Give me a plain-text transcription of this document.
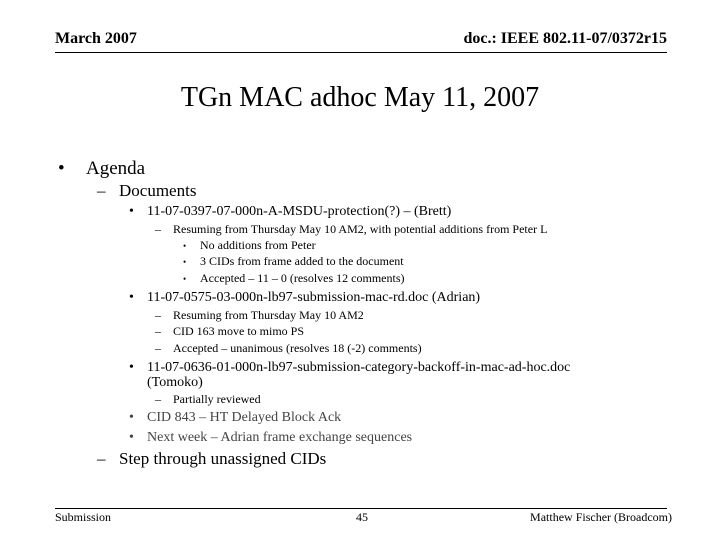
March 2007	doc.: IEEE 802.11-07/0372r15
TGn MAC adhoc May 11, 2007
• Agenda
– Documents
• 11-07-0397-07-000n-A-MSDU-protection(?) – (Brett)
– Resuming from Thursday May 10 AM2, with potential additions from Peter L
• No additions from Peter
• 3 CIDs from frame added to the document
• Accepted – 11 – 0 (resolves 12 comments)
• 11-07-0575-03-000n-lb97-submission-mac-rd.doc (Adrian)
– Resuming from Thursday May 10 AM2
– CID 163 move to mimo PS
– Accepted – unanimous (resolves 18 (-2) comments)
• 11-07-0636-01-000n-lb97-submission-category-backoff-in-mac-ad-hoc.doc
(Tomoko)
– Partially reviewed
• CID 843 – HT Delayed Block Ack
• Next week – Adrian frame exchange sequences
– Step through unassigned CIDs
Submission	45	Matthew Fischer (Broadcom)
